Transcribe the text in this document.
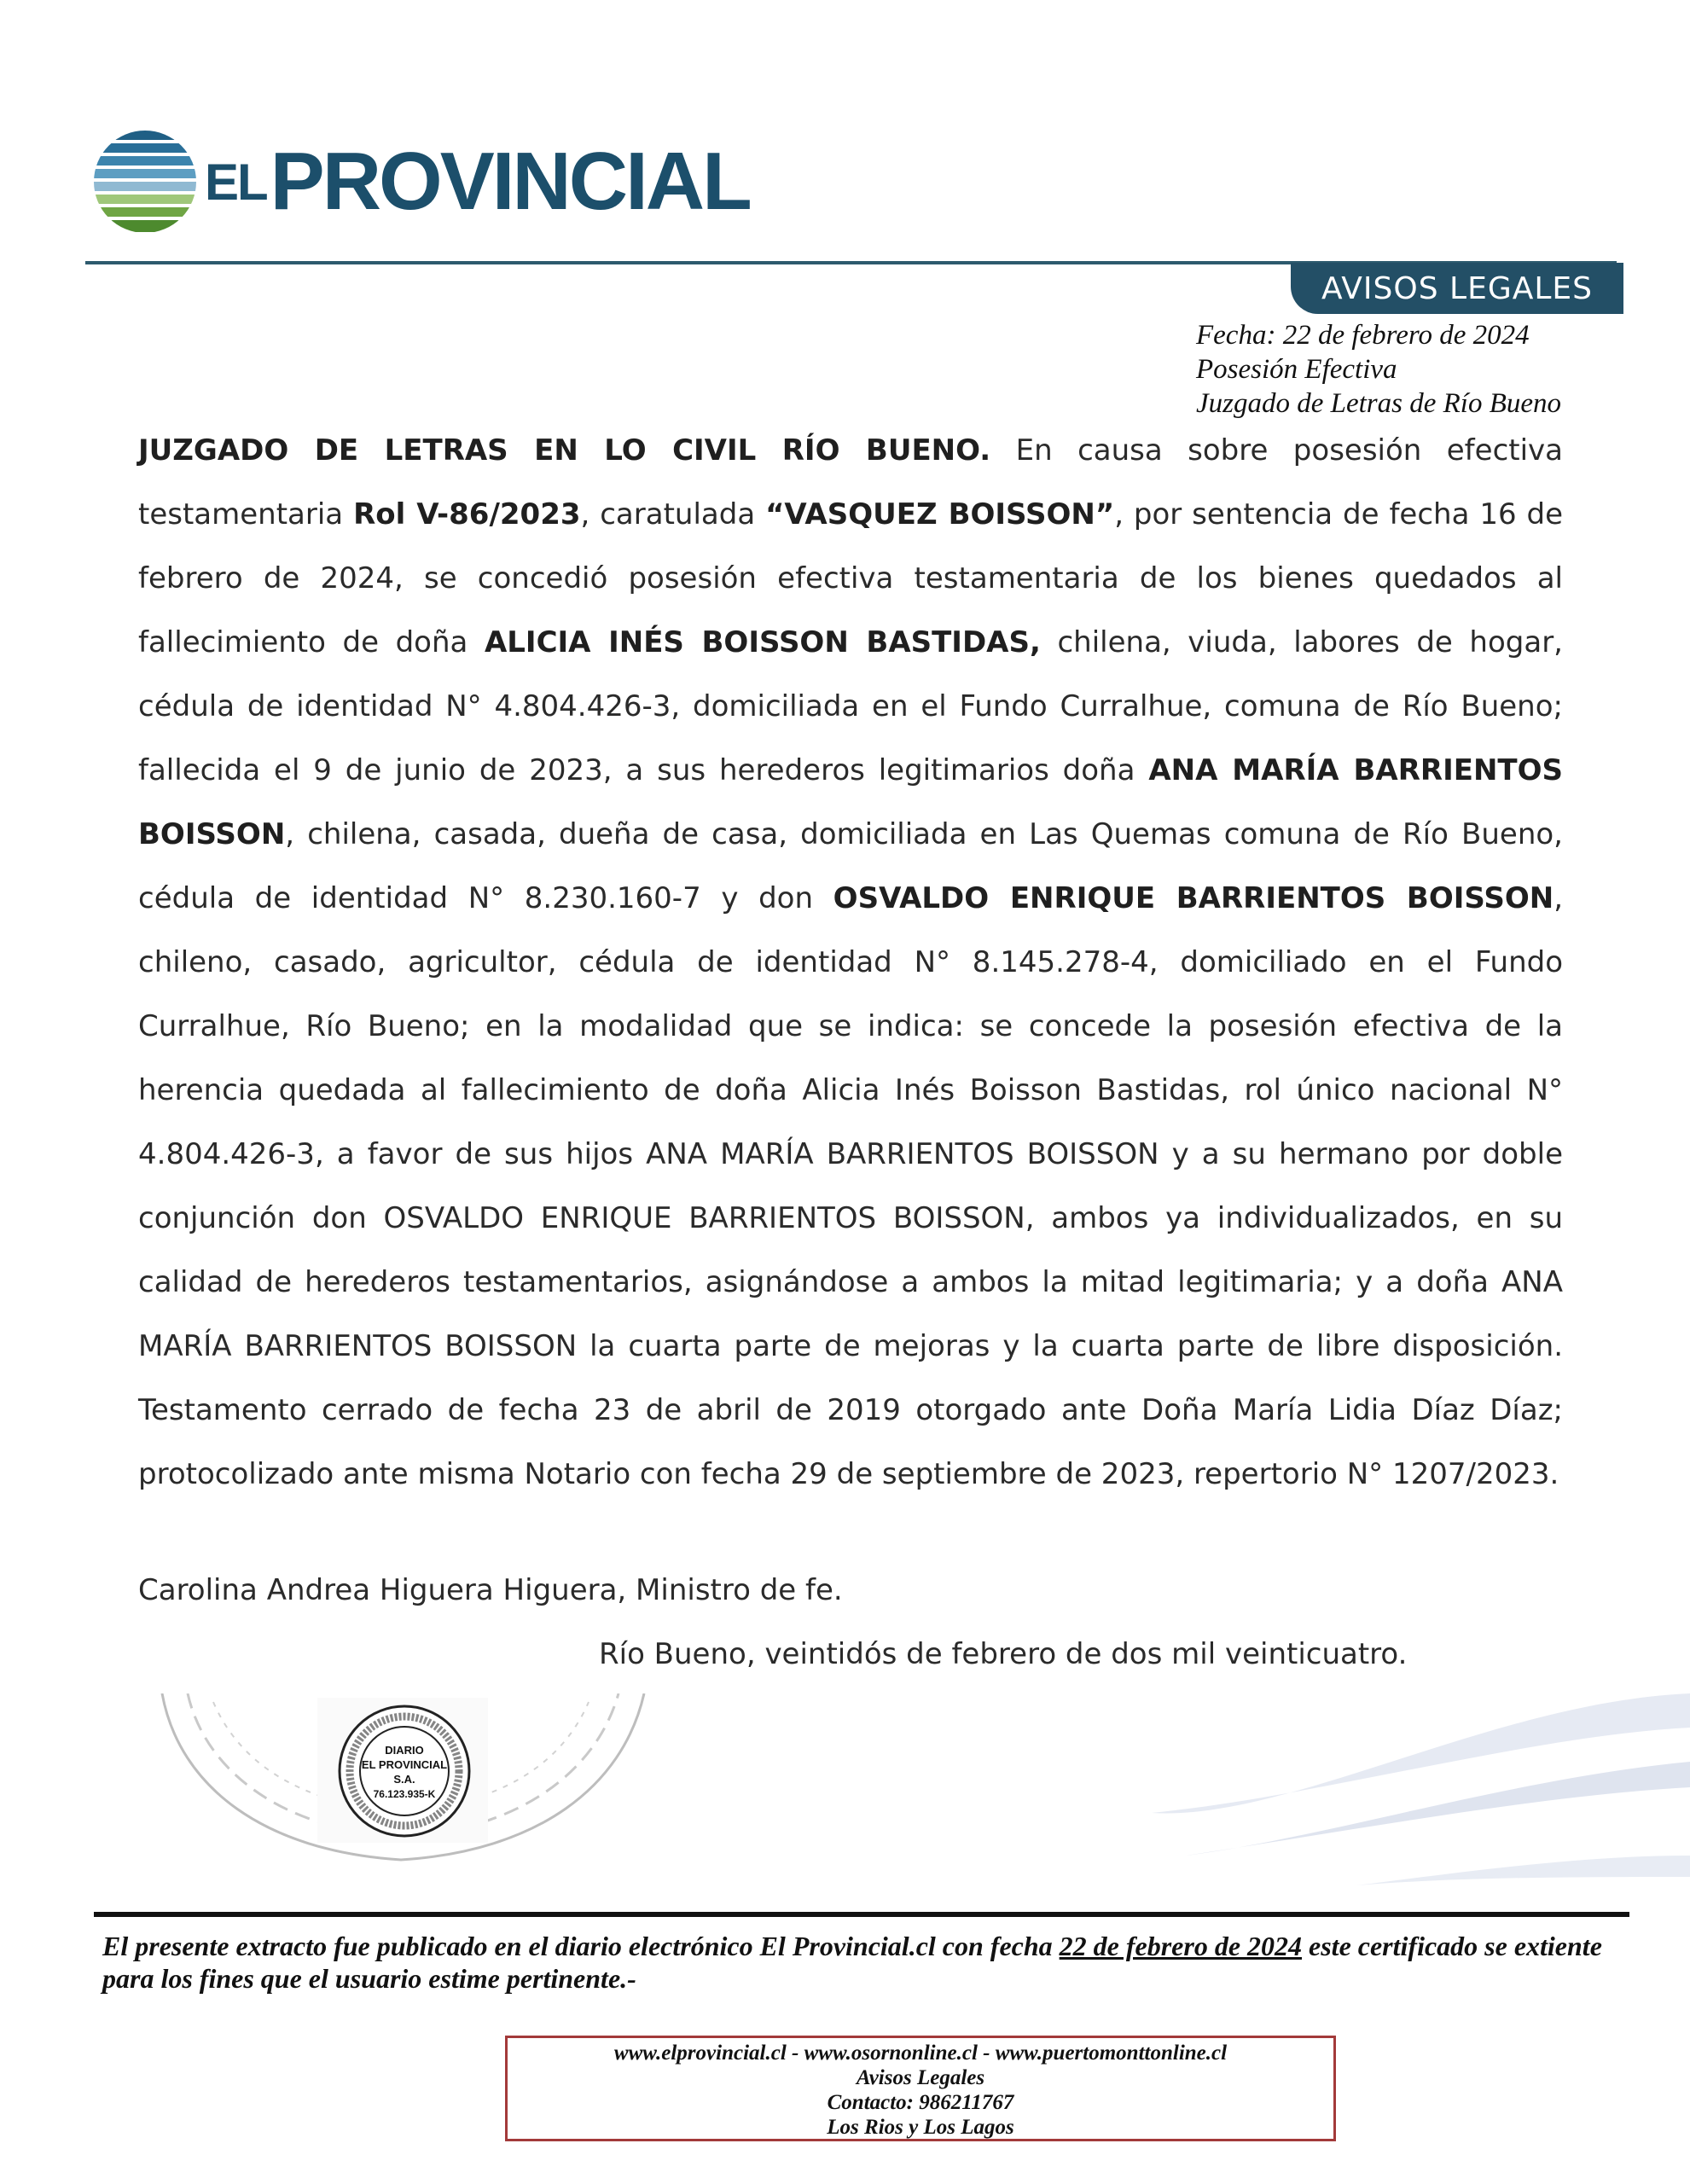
EL PROVINCIAL
AVISOS LEGALES
Fecha: 22 de febrero de 2024
Posesión Efectiva
Juzgado de Letras de Río Bueno
JUZGADO DE LETRAS EN LO CIVIL RÍO BUENO. En causa sobre posesión efectiva testamentaria Rol V-86/2023, caratulada “VASQUEZ BOISSON”, por sentencia de fecha 16 de febrero de 2024, se concedió posesión efectiva testamentaria de los bienes quedados al fallecimiento de doña ALICIA INÉS BOISSON BASTIDAS, chilena, viuda, labores de hogar, cédula de identidad N° 4.804.426-3, domiciliada en el Fundo Curralhue, comuna de Río Bueno; fallecida el 9 de junio de 2023, a sus herederos legitimarios doña ANA MARÍA BARRIENTOS BOISSON, chilena, casada, dueña de casa, domiciliada en Las Quemas comuna de Río Bueno, cédula de identidad N° 8.230.160-7 y don OSVALDO ENRIQUE BARRIENTOS BOISSON, chileno, casado, agricultor, cédula de identidad N° 8.145.278-4, domiciliado en el Fundo Curralhue, Río Bueno; en la modalidad que se indica: se concede la posesión efectiva de la herencia quedada al fallecimiento de doña Alicia Inés Boisson Bastidas, rol único nacional N° 4.804.426-3, a favor de sus hijos ANA MARÍA BARRIENTOS BOISSON y a su hermano por doble conjunción don OSVALDO ENRIQUE BARRIENTOS BOISSON, ambos ya individualizados, en su calidad de herederos testamentarios, asignándose a ambos la mitad legitimaria; y a doña ANA MARÍA BARRIENTOS BOISSON la cuarta parte de mejoras y la cuarta parte de libre disposición. Testamento cerrado de fecha 23 de abril de 2019 otorgado ante Doña María Lidia Díaz Díaz; protocolizado ante misma Notario con fecha 29 de septiembre de 2023, repertorio N° 1207/2023.
Carolina Andrea Higuera Higuera, Ministro de fe.
Río Bueno, veintidós de febrero de dos mil veinticuatro.
DIARIO
EL PROVINCIAL
S.A.
76.123.935-K
El presente extracto fue publicado en el diario electrónico El Provincial.cl con fecha 22 de febrero de 2024 este certificado se extiente para los fines que el usuario estime pertinente.-
www.elprovincial.cl - www.osornonline.cl - www.puertomonttonline.cl
Avisos Legales
Contacto: 986211767
Los Rios y Los Lagos
